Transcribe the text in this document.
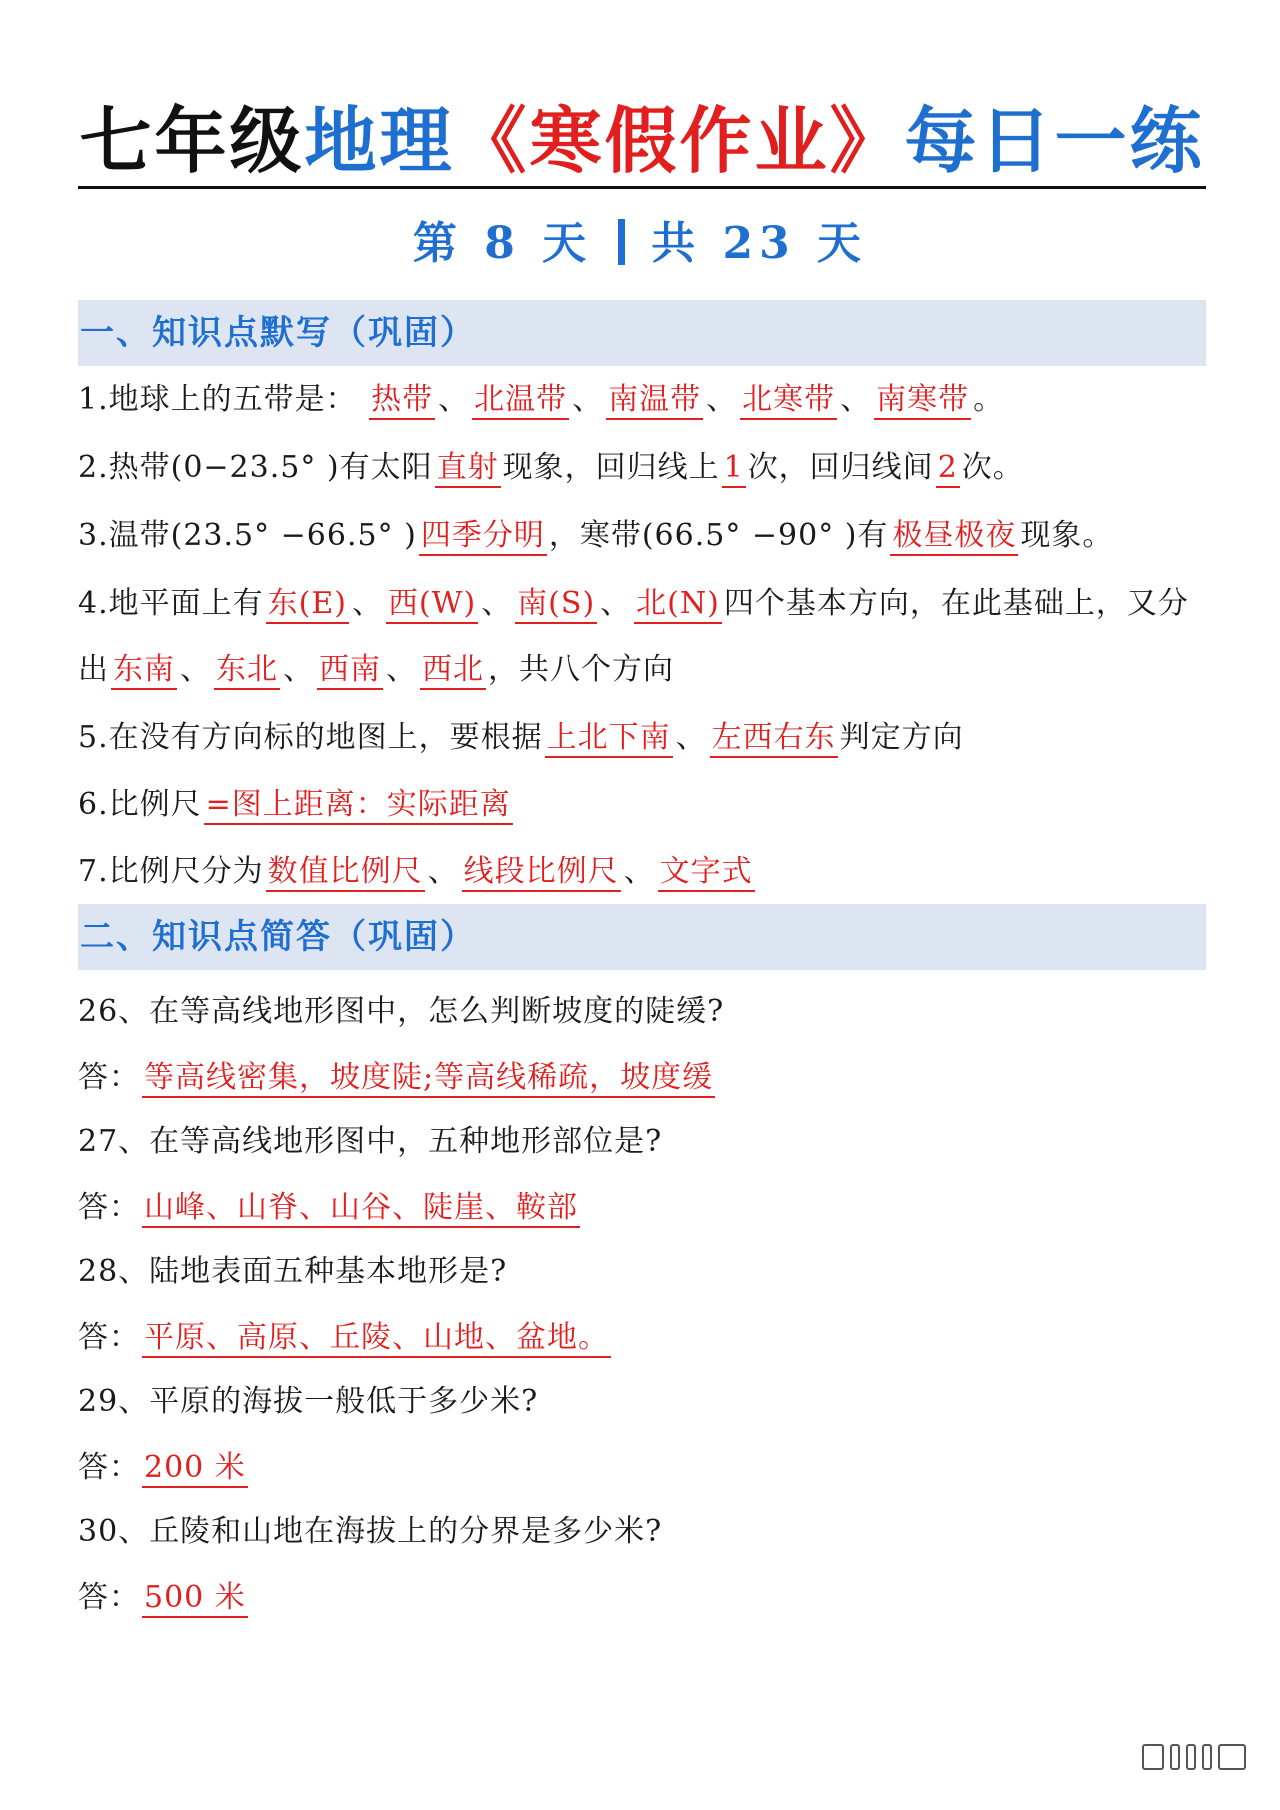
七年级地理《寒假作业》每日一练
第 8 天 共 23 天
一、知识点默写（巩固）
1.地球上的五带是： 热带 、 北温带 、 南温带 、 北寒带 、 南寒带 。
2.热带(0−23.5° )有太阳 直射 现象，回归线上 1 次，回归线间 2 次。
3.温带(23.5° −66.5° ) 四季分明 ，寒带(66.5° −90° )有 极昼极夜 现象。
4.地平面上有 东(E) 、 西(W) 、 南(S) 、 北(N) 四个基本方向，在此基础上，又分
出 东南 、 东北 、 西南 、 西北 ，共八个方向
5.在没有方向标的地图上，要根据 上北下南 、 左西右东 判定方向
6.比例尺 =图上距离：实际距离
7.比例尺分为 数值比例尺 、 线段比例尺 、 文字式
二、知识点简答（巩固）
26、在等高线地形图中，怎么判断坡度的陡缓?
答： 等高线密集，坡度陡;等高线稀疏，坡度缓
27、在等高线地形图中，五种地形部位是?
答： 山峰、山脊、山谷、陡崖、鞍部
28、陆地表面五种基本地形是?
答： 平原、高原、丘陵、山地、盆地。
29、平原的海拔一般低于多少米?
答： 200 米
30、丘陵和山地在海拔上的分界是多少米?
答： 500 米
